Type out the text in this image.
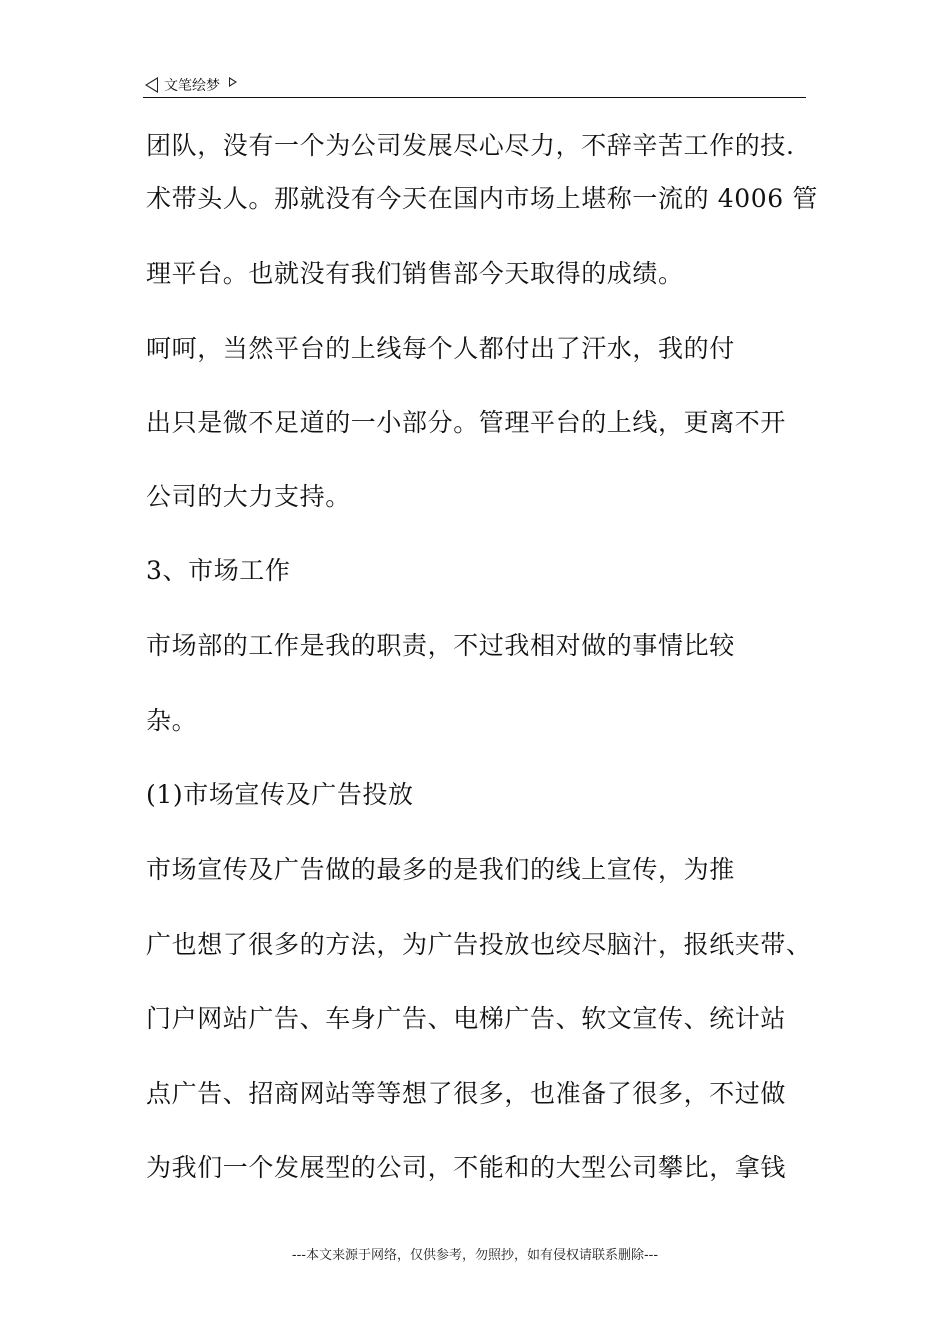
文笔绘梦
团队，没有一个为公司发展尽心尽力，不辞辛苦工作的技.
术带头人。那就没有今天在国内市场上堪称一流的 4006 管
理平台。也就没有我们销售部今天取得的成绩。
呵呵，当然平台的上线每个人都付出了汗水，我的付
出只是微不足道的一小部分。管理平台的上线，更离不开
公司的大力支持。
3、市场工作
市场部的工作是我的职责，不过我相对做的事情比较
杂。
(1)市场宣传及广告投放
市场宣传及广告做的最多的是我们的线上宣传，为推
广也想了很多的方法，为广告投放也绞尽脑汁，报纸夹带、
门户网站广告、车身广告、电梯广告、软文宣传、统计站
点广告、招商网站等等想了很多，也准备了很多，不过做
为我们一个发展型的公司，不能和的大型公司攀比，拿钱
---本文来源于网络，仅供参考，勿照抄，如有侵权请联系删除---
